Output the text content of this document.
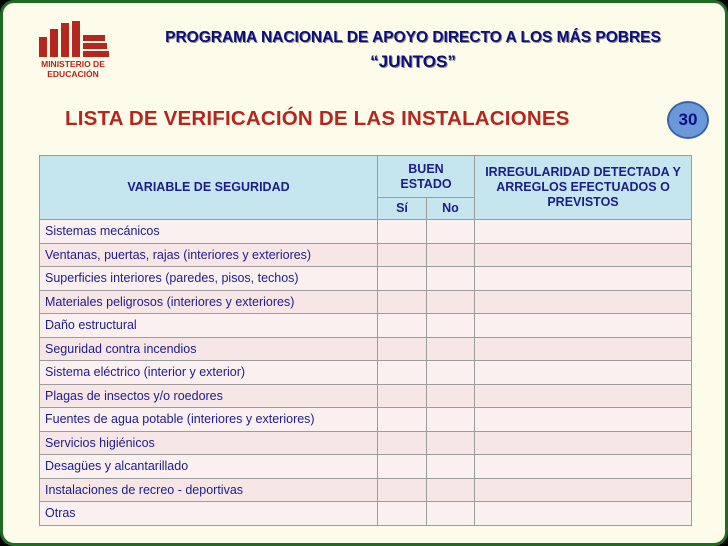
MINISTERIO DE
EDUCACIÓN
PROGRAMA NACIONAL DE APOYO DIRECTO A LOS MÁS POBRES
“JUNTOS”
LISTA DE VERIFICACIÓN DE LAS INSTALACIONES	30
VARIABLE DE SEGURIDAD	BUEN ESTADO		IRREGULARIDAD DETECTADA Y ARREGLOS EFECTUADOS O PREVISTOS
	Sí	No	
Sistemas mecánicos			
Ventanas, puertas, rajas (interiores y exteriores)			
Superficies interiores (paredes, pisos, techos)			
Materiales peligrosos (interiores y exteriores)			
Daño estructural			
Seguridad contra incendios			
Sistema eléctrico (interior y exterior)			
Plagas de insectos y/o roedores			
Fuentes de agua potable (interiores y exteriores)			
Servicios higiénicos			
Desagües y alcantarillado			
Instalaciones de recreo - deportivas			
Otras			
